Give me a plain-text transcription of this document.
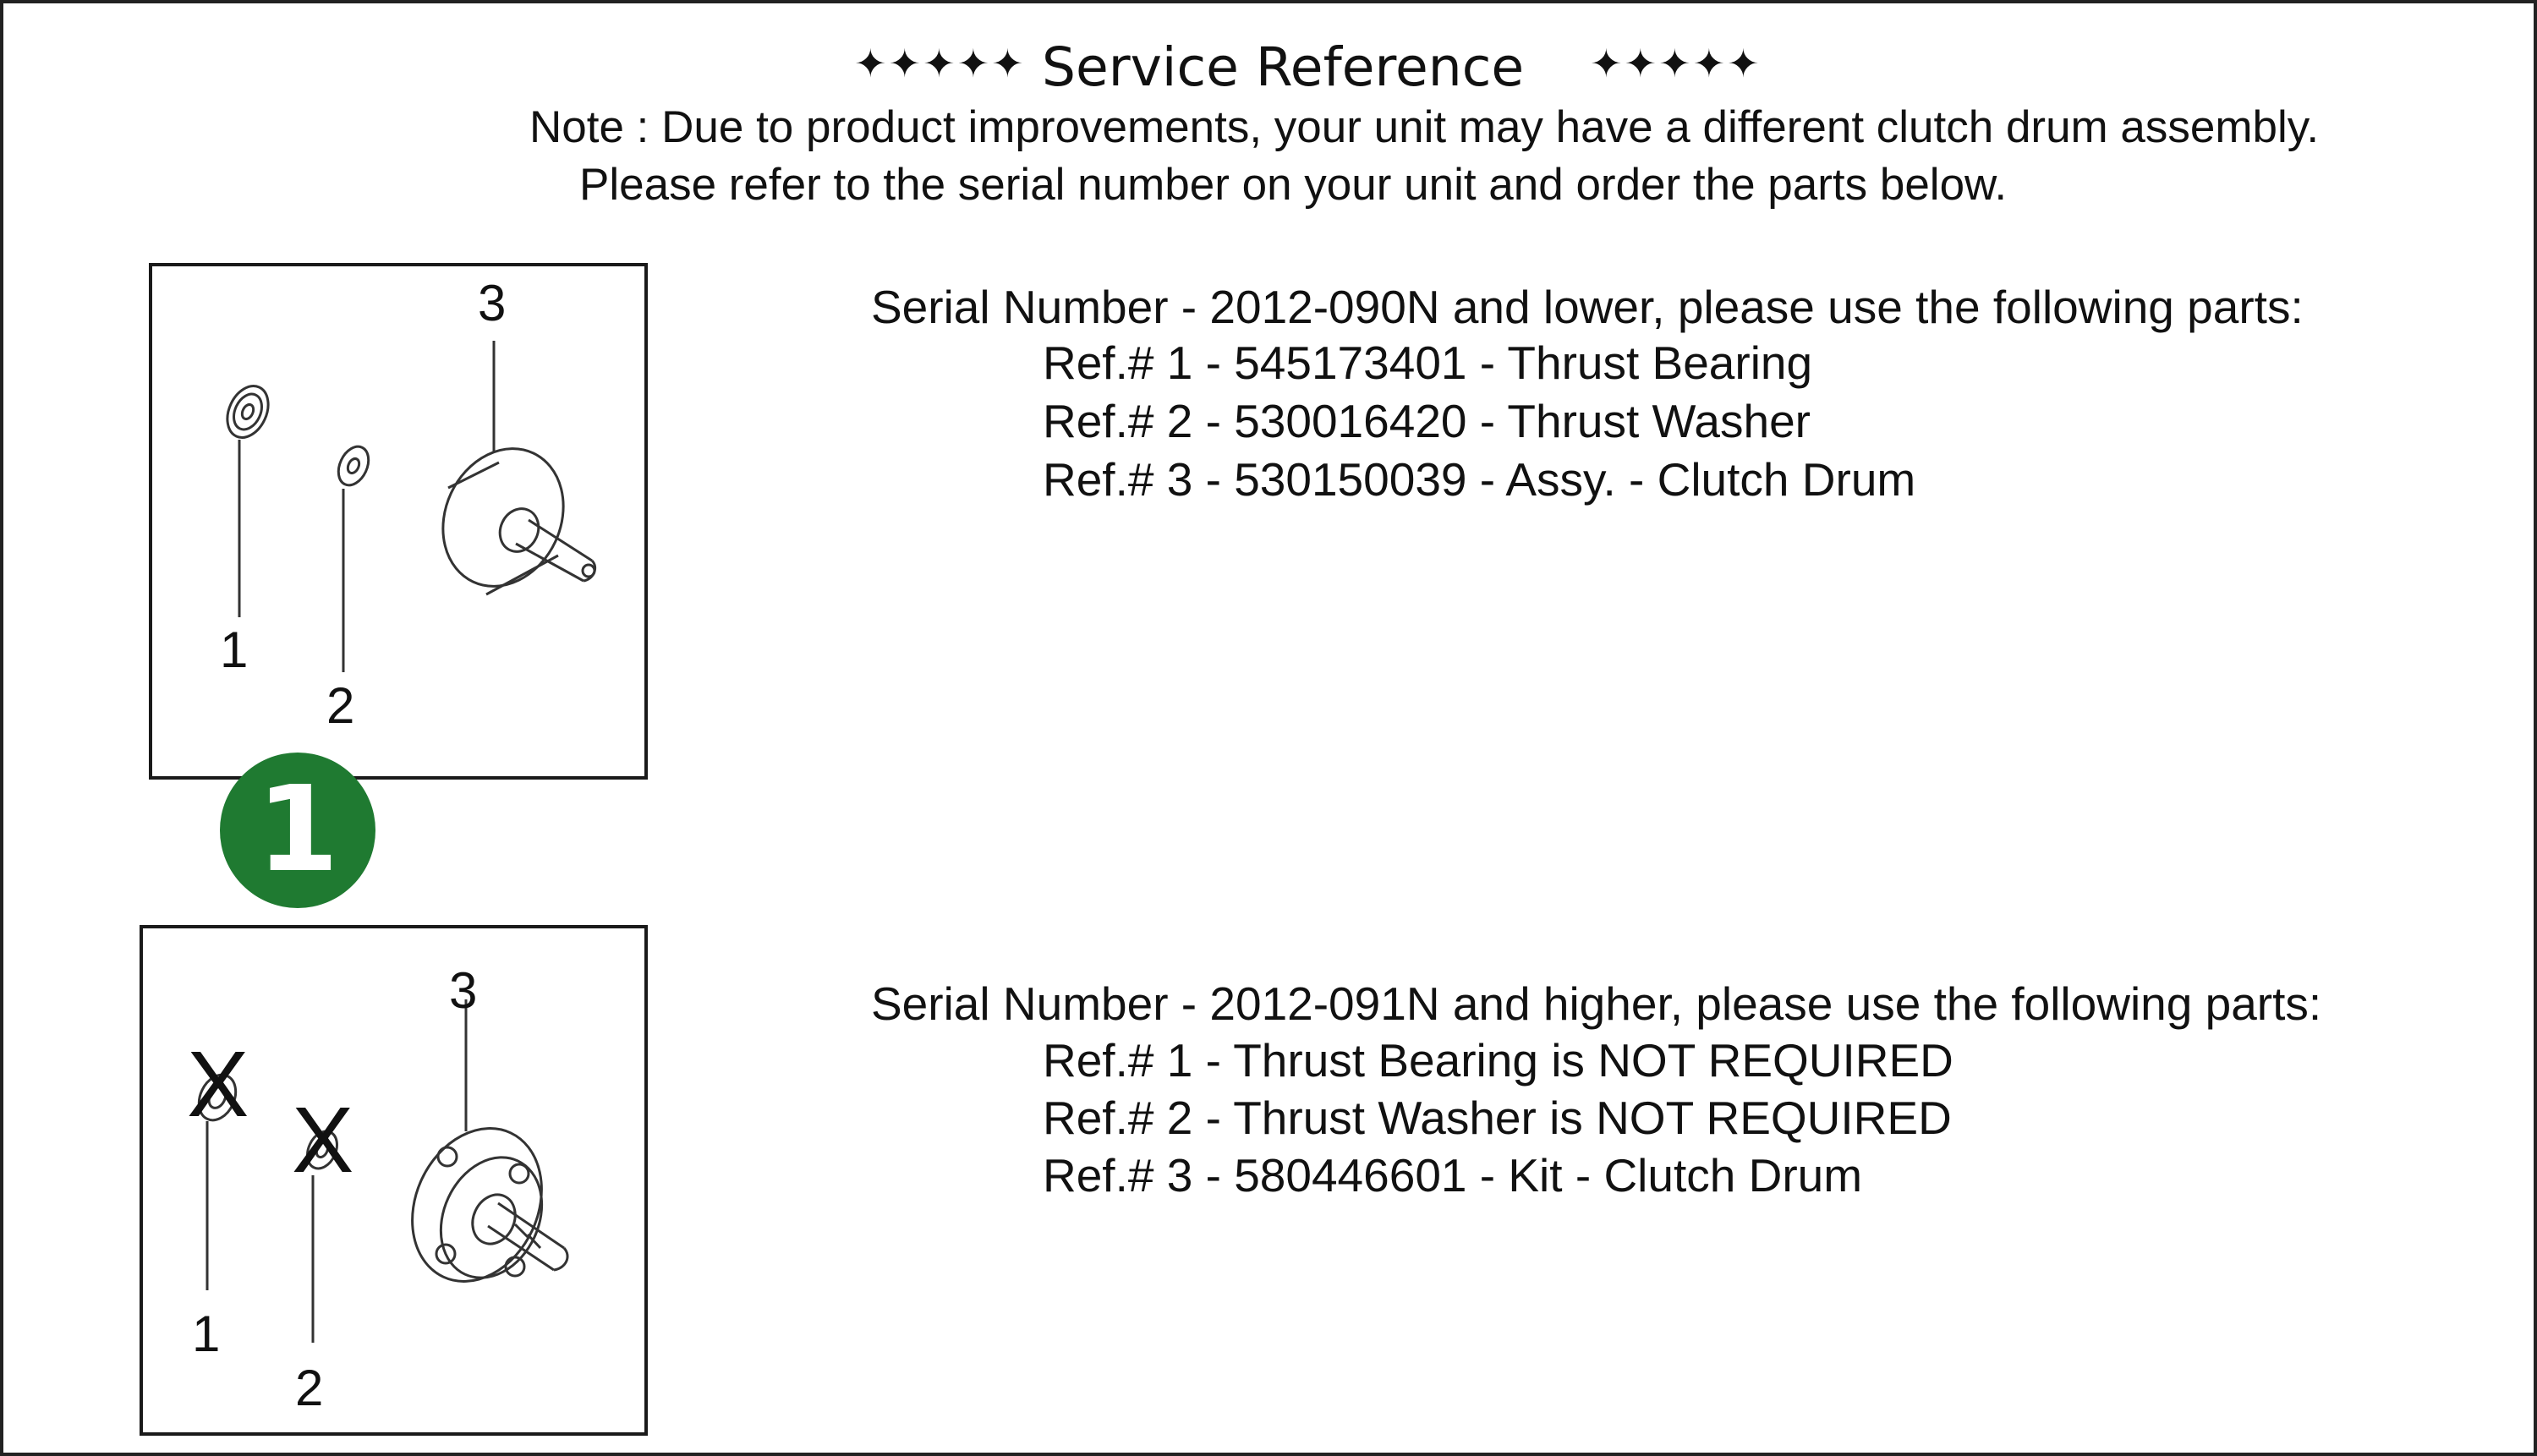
✦✦✦✦✦ Service Reference ✦✦✦✦✦
Note : Due to product improvements, your unit may have a different clutch drum assembly.
Please refer to the serial number on your unit and order the parts below.
3
1
2
1
3
X
X
1
2
Serial Number - 2012-090N and lower, please use the following parts:
Ref.# 1 - 545173401 - Thrust Bearing
Ref.# 2 - 530016420 - Thrust Washer
Ref.# 3 - 530150039 - Assy. - Clutch Drum
Serial Number - 2012-091N and higher, please use the following parts:
Ref.# 1 - Thrust Bearing is NOT REQUIRED
Ref.# 2 - Thrust Washer is NOT REQUIRED
Ref.# 3 - 580446601 - Kit - Clutch Drum
